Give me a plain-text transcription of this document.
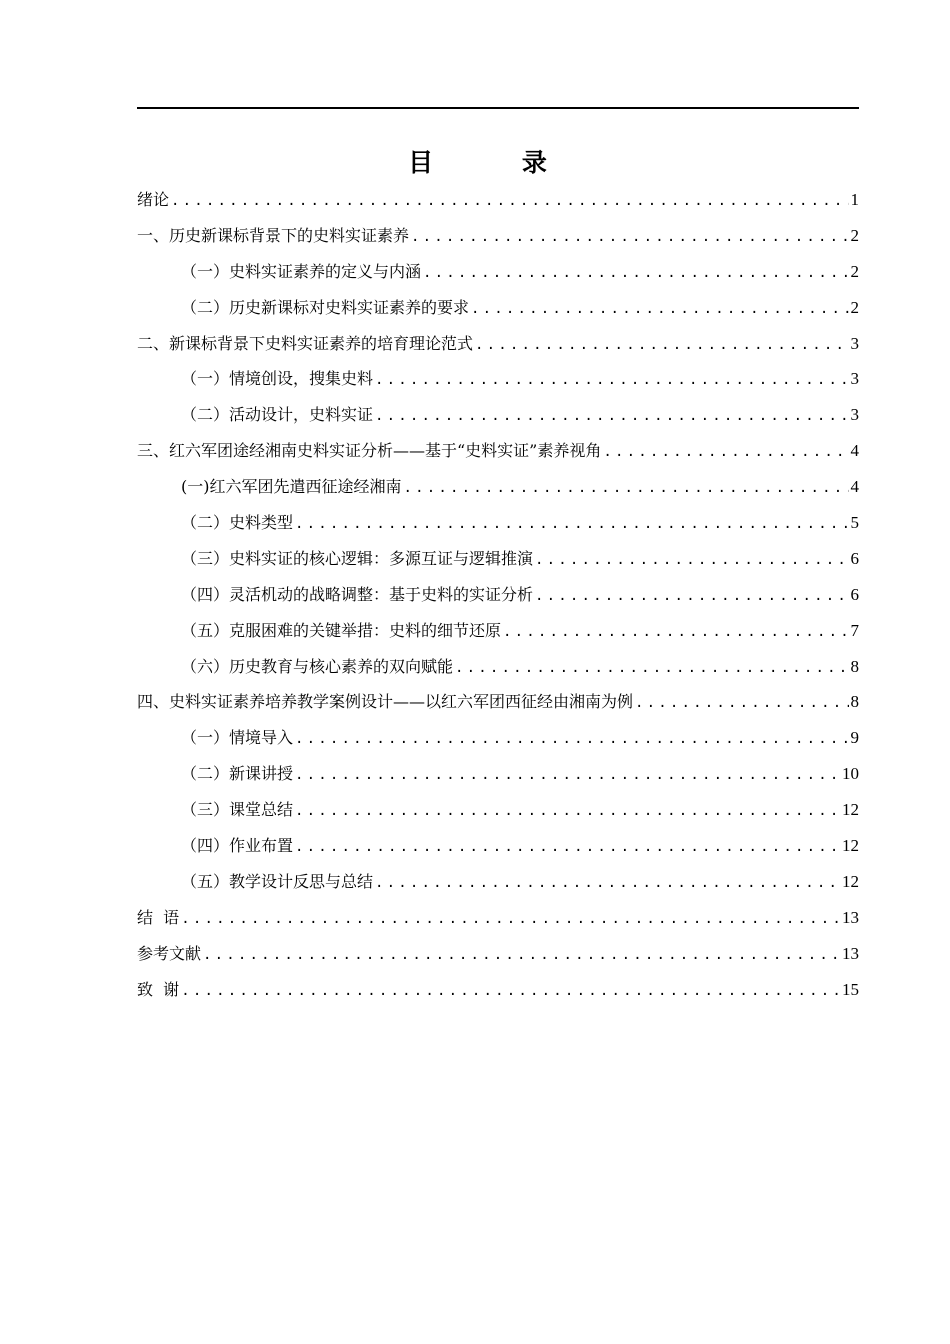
目 录
绪论 .....	1
一、历史新课标背景下的史料实证素养 .....	2
（一）史料实证素养的定义与内涵 .....	2
（二）历史新课标对史料实证素养的要求 .....	2
二、新课标背景下史料实证素养的培育理论范式 .....	3
（一）情境创设，搜集史料 .....	3
（二）活动设计，史料实证 .....	3
三、红六军团途经湘南史料实证分析——基于“史料实证”素养视角 .....	4
(一)红六军团先遣西征途经湘南 .....	4
（二）史料类型 .....	5
（三）史料实证的核心逻辑：多源互证与逻辑推演 .....	6
（四）灵活机动的战略调整：基于史料的实证分析 .....	6
（五）克服困难的关键举措：史料的细节还原 .....	7
（六）历史教育与核心素养的双向赋能 .....	8
四、史料实证素养培养教学案例设计——以红六军团西征经由湘南为例 .....	8
（一）情境导入 .....	9
（二）新课讲授 .....	10
（三）课堂总结 .....	12
（四）作业布置 .....	12
（五）教学设计反思与总结 .....	12
结  语 .....	13
参考文献 .....	13
致  谢 .....	15
